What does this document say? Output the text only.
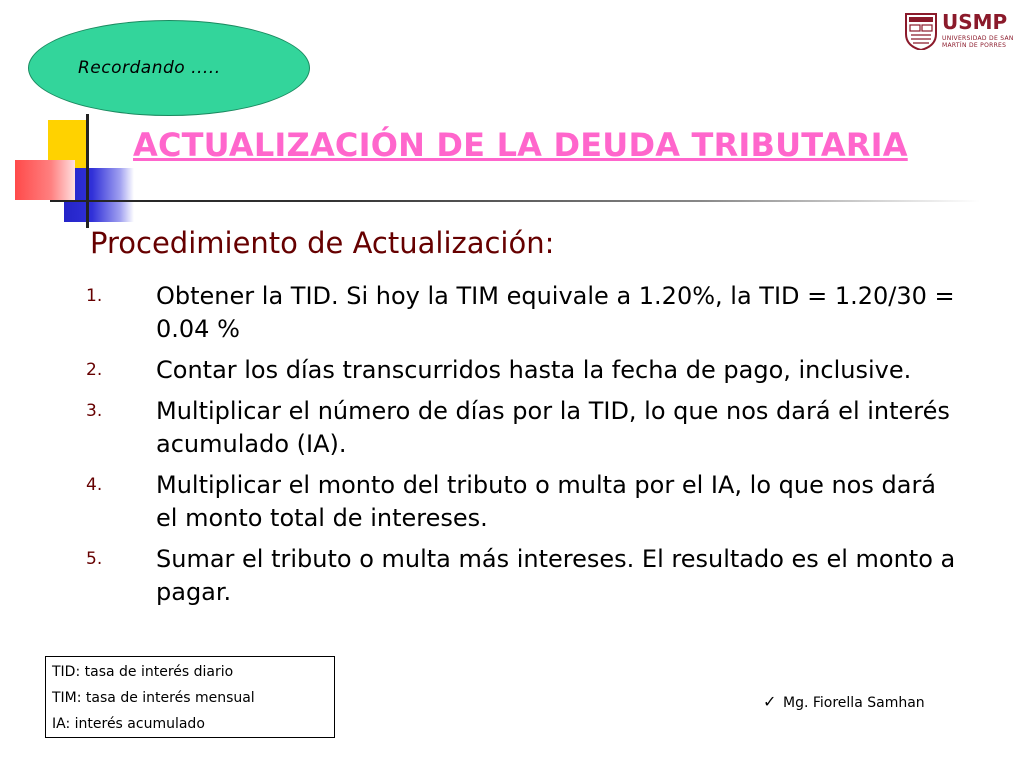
Recordando .....
USMP
UNIVERSIDAD DE SAN MARTÍN DE PORRES
ACTUALIZACIÓN DE LA DEUDA TRIBUTARIA
Procedimiento de Actualización:
1. Obtener la TID. Si hoy la TIM equivale a 1.20%, la TID = 1.20/30 = 0.04 %
2. Contar los días transcurridos hasta la fecha de pago, inclusive.
3. Multiplicar el número de días por la TID, lo que nos dará el interés acumulado (IA).
4. Multiplicar el monto del tributo o multa por el IA, lo que nos dará el monto total de intereses.
5. Sumar el tributo o multa más intereses. El resultado es el monto a pagar.
TID: tasa de interés diario
TIM: tasa de interés mensual
IA: interés acumulado
✓ Mg. Fiorella Samhan
